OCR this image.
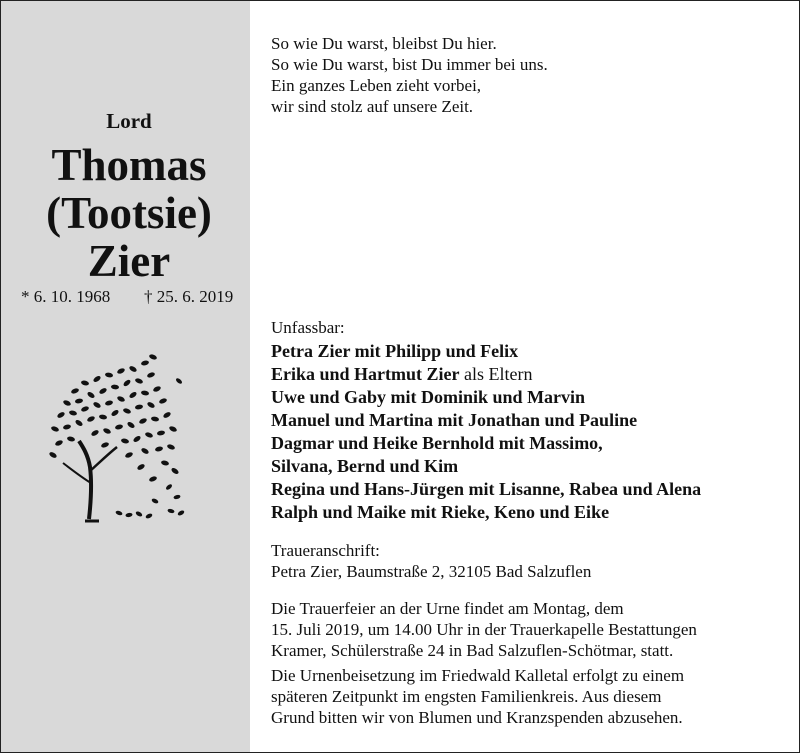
Lord
Thomas
(Tootsie)
Zier
* 6. 10. 1968 † 25. 6. 2019
So wie Du warst, bleibst Du hier.
So wie Du warst, bist Du immer bei uns.
Ein ganzes Leben zieht vorbei,
wir sind stolz auf unsere Zeit.
Unfassbar:
Petra Zier mit Philipp und Felix
Erika und Hartmut Zier als Eltern
Uwe und Gaby mit Dominik und Marvin
Manuel und Martina mit Jonathan und Pauline
Dagmar und Heike Bernhold mit Massimo,
Silvana, Bernd und Kim
Regina und Hans-Jürgen mit Lisanne, Rabea und Alena
Ralph und Maike mit Rieke, Keno und Eike
Traueranschrift:
Petra Zier, Baumstraße 2, 32105 Bad Salzuflen
Die Trauerfeier an der Urne findet am Montag, dem
15. Juli 2019, um 14.00 Uhr in der Trauerkapelle Bestattungen
Kramer, Schülerstraße 24 in Bad Salzuflen-Schötmar, statt.
Die Urnenbeisetzung im Friedwald Kalletal erfolgt zu einem
späteren Zeitpunkt im engsten Familienkreis. Aus diesem
Grund bitten wir von Blumen und Kranzspenden abzusehen.
